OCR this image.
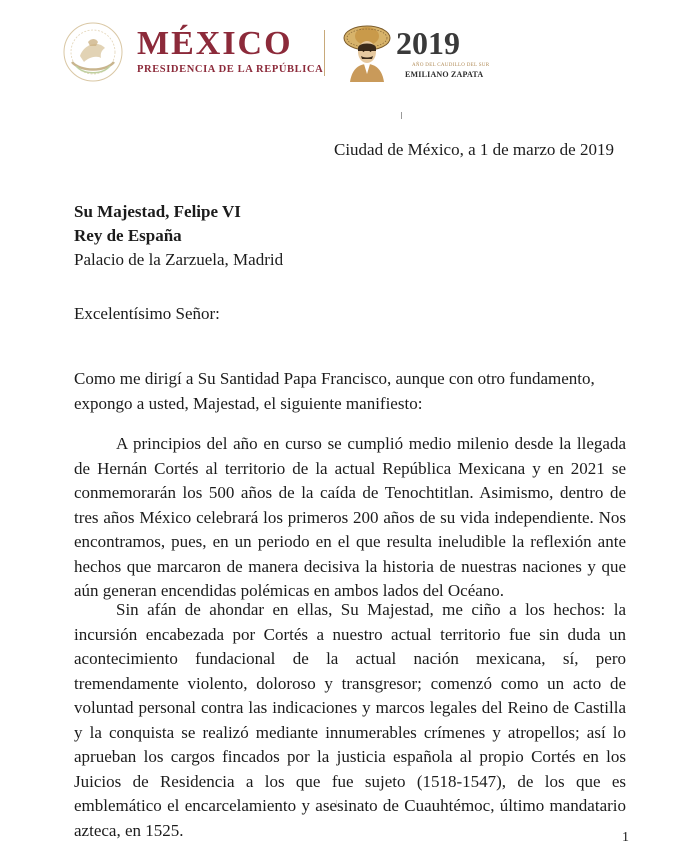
MÉXICO
PRESIDENCIA DE LA REPÚBLICA
2019
AÑO DEL CAUDILLO DEL SUR
EMILIANO ZAPATA
Ciudad de México, a 1 de marzo de 2019
Su Majestad, Felipe VI
Rey de España
Palacio de la Zarzuela, Madrid
Excelentísimo Señor:

Como me dirigí a Su Santidad Papa Francisco, aunque con otro fundamento, expongo a usted, Majestad, el siguiente manifiesto:

A principios del año en curso se cumplió medio milenio desde la llegada de Hernán Cortés al territorio de la actual República Mexicana y en 2021 se conmemorarán los 500 años de la caída de Tenochtitlan. Asimismo, dentro de tres años México celebrará los primeros 200 años de su vida independiente. Nos encontramos, pues, en un periodo en el que resulta ineludible la reflexión ante hechos que marcaron de manera decisiva la historia de nuestras naciones y que aún generan encendidas polémicas en ambos lados del Océano.

Sin afán de ahondar en ellas, Su Majestad, me ciño a los hechos: la incursión encabezada por Cortés a nuestro actual territorio fue sin duda un acontecimiento fundacional de la actual nación mexicana, sí, pero tremendamente violento, doloroso y transgresor; comenzó como un acto de voluntad personal contra las indicaciones y marcos legales del Reino de Castilla y la conquista se realizó mediante innumerables crímenes y atropellos; así lo aprueban los cargos fincados por la justicia española al propio Cortés en los Juicios de Residencia a los que fue sujeto (1518-1547), de los que es emblemático el encarcelamiento y asesinato de Cuauhtémoc, último mandatario azteca, en 1525.	1
